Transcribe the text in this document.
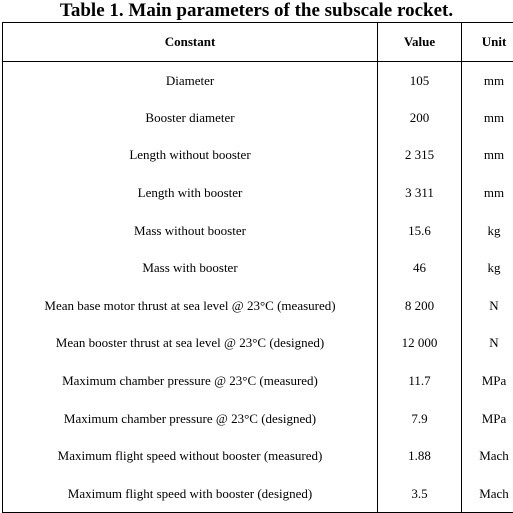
Table 1. Main parameters of the subscale rocket.
Constant	Value	Unit
Diameter	105	mm
Booster diameter	200	mm
Length without booster	2 315	mm
Length with booster	3 311	mm
Mass without booster	15.6	kg
Mass with booster	46	kg
Mean base motor thrust at sea level @ 23°C (measured)	8 200	N
Mean booster thrust at sea level @ 23°C (designed)	12 000	N
Maximum chamber pressure @ 23°C (measured)	11.7	MPa
Maximum chamber pressure @ 23°C (designed)	7.9	MPa
Maximum flight speed without booster (measured)	1.88	Mach
Maximum flight speed with booster (designed)	3.5	Mach
